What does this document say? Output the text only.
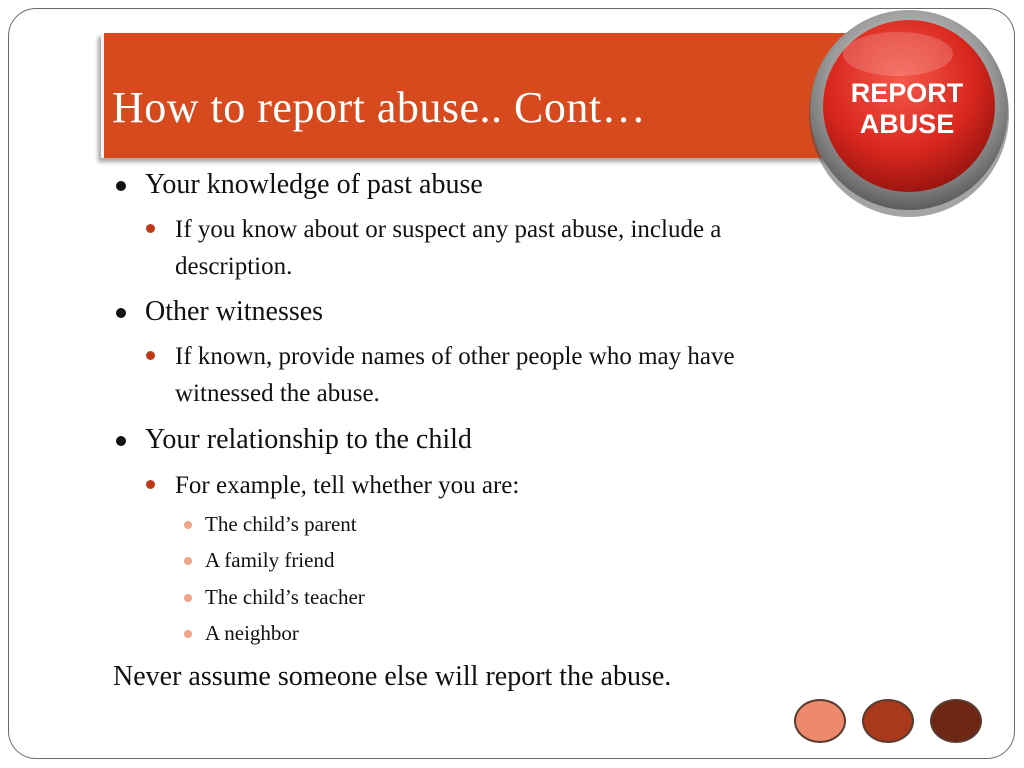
How to report abuse.. Cont…	REPORT
ABUSE
Your knowledge of past abuse
If you know about or suspect any past abuse, include a
description.
Other witnesses
If known, provide names of other people who may have
witnessed the abuse.
Your relationship to the child
For example, tell whether you are:
The child’s parent
A family friend
The child’s teacher
A neighbor
Never assume someone else will report the abuse.
